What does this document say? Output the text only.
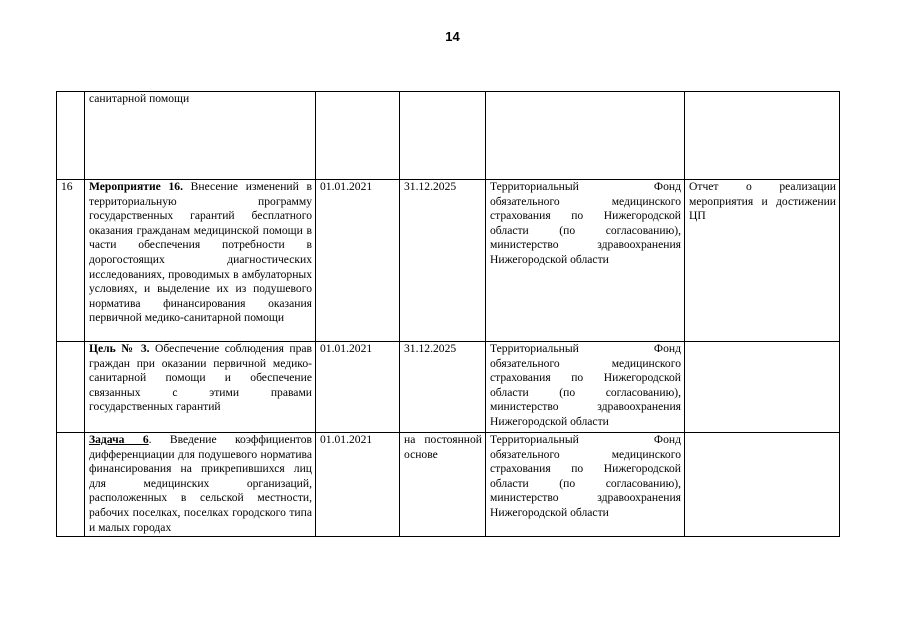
14
	санитарной помощи				
16	Мероприятие 16. Внесение изменений в территориальную программу государственных гарантий бесплатного оказания гражданам медицинской помощи в части обеспечения потребности в дорогостоящих диагностических исследованиях, проводимых в амбулаторных условиях, и выделение их из подушевого норматива финансирования оказания первичной медико-санитарной помощи	01.01.2021	31.12.2025	Территориальный Фонд обязательного медицинского страхования по Нижегородской области (по согласованию), министерство здравоохранения Нижегородской области	Отчет о реализации мероприятия и достижении ЦП
	Цель № 3. Обеспечение соблюдения прав граждан при оказании первичной медико-санитарной помощи и обеспечение связанных с этими правами государственных гарантий	01.01.2021	31.12.2025	Территориальный Фонд обязательного медицинского страхования по Нижегородской области (по согласованию), министерство здравоохранения Нижегородской области	
	Задача 6. Введение коэффициентов дифференциации для подушевого норматива финансирования на прикрепившихся лиц для медицинских организаций, расположенных в сельской местности, рабочих поселках, поселках городского типа и малых городах	01.01.2021	на постоянной основе	Территориальный Фонд обязательного медицинского страхования по Нижегородской области (по согласованию), министерство здравоохранения Нижегородской области	
